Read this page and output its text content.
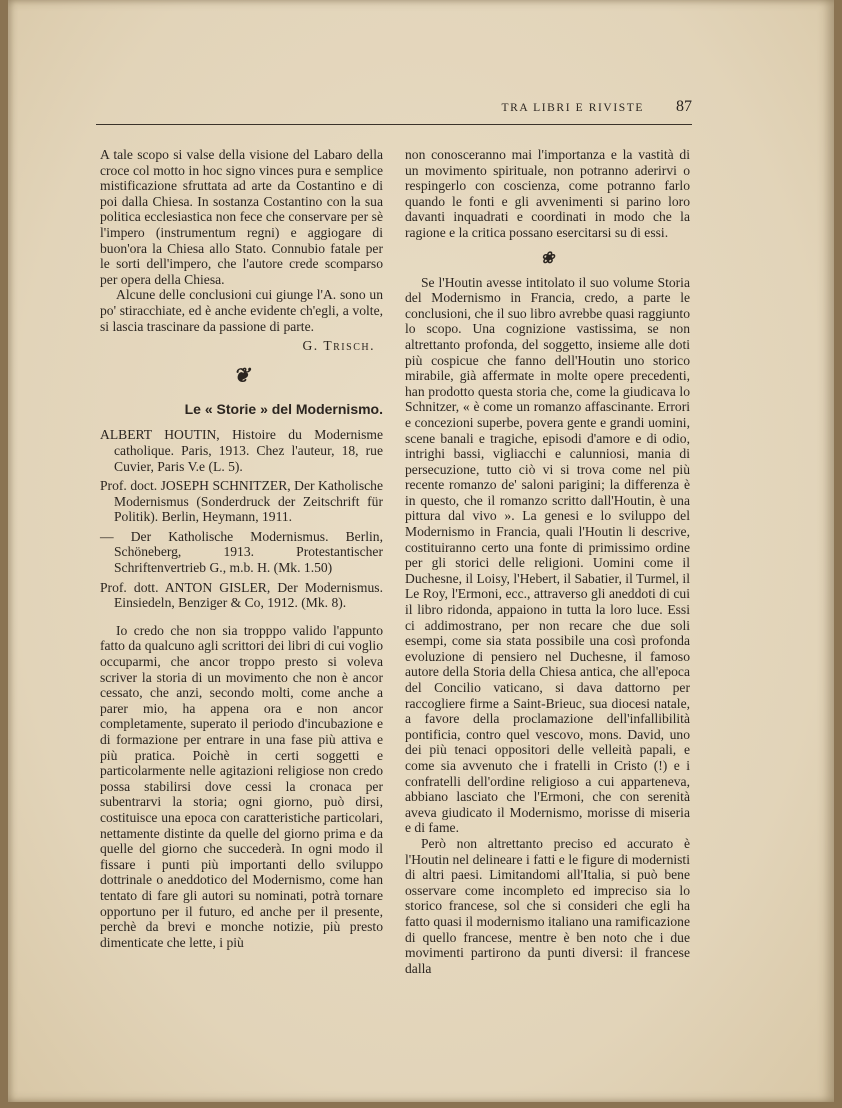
TRA LIBRI E RIVISTE 87

A tale scopo si valse della visione del Labaro della croce col motto in hoc signo vinces pura e semplice mistificazione sfruttata ad arte da Costantino e di poi dalla Chiesa. In sostanza Costantino con la sua politica ecclesiastica non fece che conservare per sè l'impero (instrumentum regni) e aggiogare di buon'ora la Chiesa allo Stato. Connubio fatale per le sorti dell'impero, che l'autore crede scomparso per opera della Chiesa.

Alcune delle conclusioni cui giunge l'A. sono un po' stiracchiate, ed è anche evidente ch'egli, a volte, si lascia trascinare da passione di parte.

G. Trisch.

❦

Le « Storie » del Modernismo.

ALBERT HOUTIN, Histoire du Modernisme catholique. Paris, 1913. Chez l'auteur, 18, rue Cuvier, Paris V.e (L. 5).

Prof. doct. JOSEPH SCHNITZER, Der Katholische Modernismus (Sonderdruck der Zeitschrift für Politik). Berlin, Heymann, 1911.

— Der Katholische Modernismus. Berlin, Schöneberg, 1913. Protestantischer Schriftenvertrieb G., m.b. H. (Mk. 1.50)

Prof. dott. ANTON GISLER, Der Modernismus. Einsiedeln, Benziger & Co, 1912. (Mk. 8).

Io credo che non sia tropppo valido l'appunto fatto da qualcuno agli scrittori dei libri di cui voglio occuparmi, che ancor troppo presto si voleva scriver la storia di un movimento che non è ancor cessato, che anzi, secondo molti, come anche a parer mio, ha appena ora e non ancor completamente, superato il periodo d'incubazione e di formazione per entrare in una fase più attiva e più pratica. Poichè in certi soggetti e particolarmente nelle agitazioni religiose non credo possa stabilirsi dove cessi la cronaca per subentrarvi la storia; ogni giorno, può dirsi, costituisce una epoca con caratteristiche particolari, nettamente distinte da quelle del giorno prima e da quelle del giorno che succederà. In ogni modo il fissare i punti più importanti dello sviluppo dottrinale o aneddotico del Modernismo, come han tentato di fare gli autori su nominati, potrà tornare opportuno per il futuro, ed anche per il presente, perchè da brevi e monche notizie, più presto dimenticate che lette, i più

non conosceranno mai l'importanza e la vastità di un movimento spirituale, non potranno aderirvi o respingerlo con coscienza, come potranno farlo quando le fonti e gli avvenimenti si parino loro davanti inquadrati e coordinati in modo che la ragione e la critica possano esercitarsi su di essi.

❀

Se l'Houtin avesse intitolato il suo volume Storia del Modernismo in Francia, credo, a parte le conclusioni, che il suo libro avrebbe quasi raggiunto lo scopo. Una cognizione vastissima, se non altrettanto profonda, del soggetto, insieme alle doti più cospicue che fanno dell'Houtin uno storico mirabile, già affermate in molte opere precedenti, han prodotto questa storia che, come la giudicava lo Schnitzer, « è come un romanzo affascinante. Errori e concezioni superbe, povera gente e grandi uomini, scene banali e tragiche, episodi d'amore e di odio, intrighi bassi, vigliacchi e calunniosi, mania di persecuzione, tutto ciò vi si trova come nel più recente romanzo de' saloni parigini; la differenza è in questo, che il romanzo scritto dall'Houtin, è una pittura dal vivo ». La genesi e lo sviluppo del Modernismo in Francia, quali l'Houtin li descrive, costituiranno certo una fonte di primissimo ordine per gli storici delle religioni. Uomini come il Duchesne, il Loisy, l'Hebert, il Sabatier, il Turmel, il Le Roy, l'Ermoni, ecc., attraverso gli aneddoti di cui il libro ridonda, appaiono in tutta la loro luce. Essi ci addimostrano, per non recare che due soli esempi, come sia stata possibile una così profonda evoluzione di pensiero nel Duchesne, il famoso autore della Storia della Chiesa antica, che all'epoca del Concilio vaticano, si dava dattorno per raccogliere firme a Saint-Brieuc, sua diocesi natale, a favore della proclamazione dell'infallibilità pontificia, contro quel vescovo, mons. David, uno dei più tenaci oppositori delle velleità papali, e come sia avvenuto che i fratelli in Cristo (!) e i confratelli dell'ordine religioso a cui apparteneva, abbiano lasciato che l'Ermoni, che con serenità aveva giudicato il Modernismo, morisse di miseria e di fame.

Però non altrettanto preciso ed accurato è l'Houtin nel delineare i fatti e le figure di modernisti di altri paesi. Limitandomi all'Italia, si può bene osservare come incompleto ed impreciso sia lo storico francese, sol che si consideri che egli ha fatto quasi il modernismo italiano una ramificazione di quello francese, mentre è ben noto che i due movimenti partirono da punti diversi: il francese dalla
